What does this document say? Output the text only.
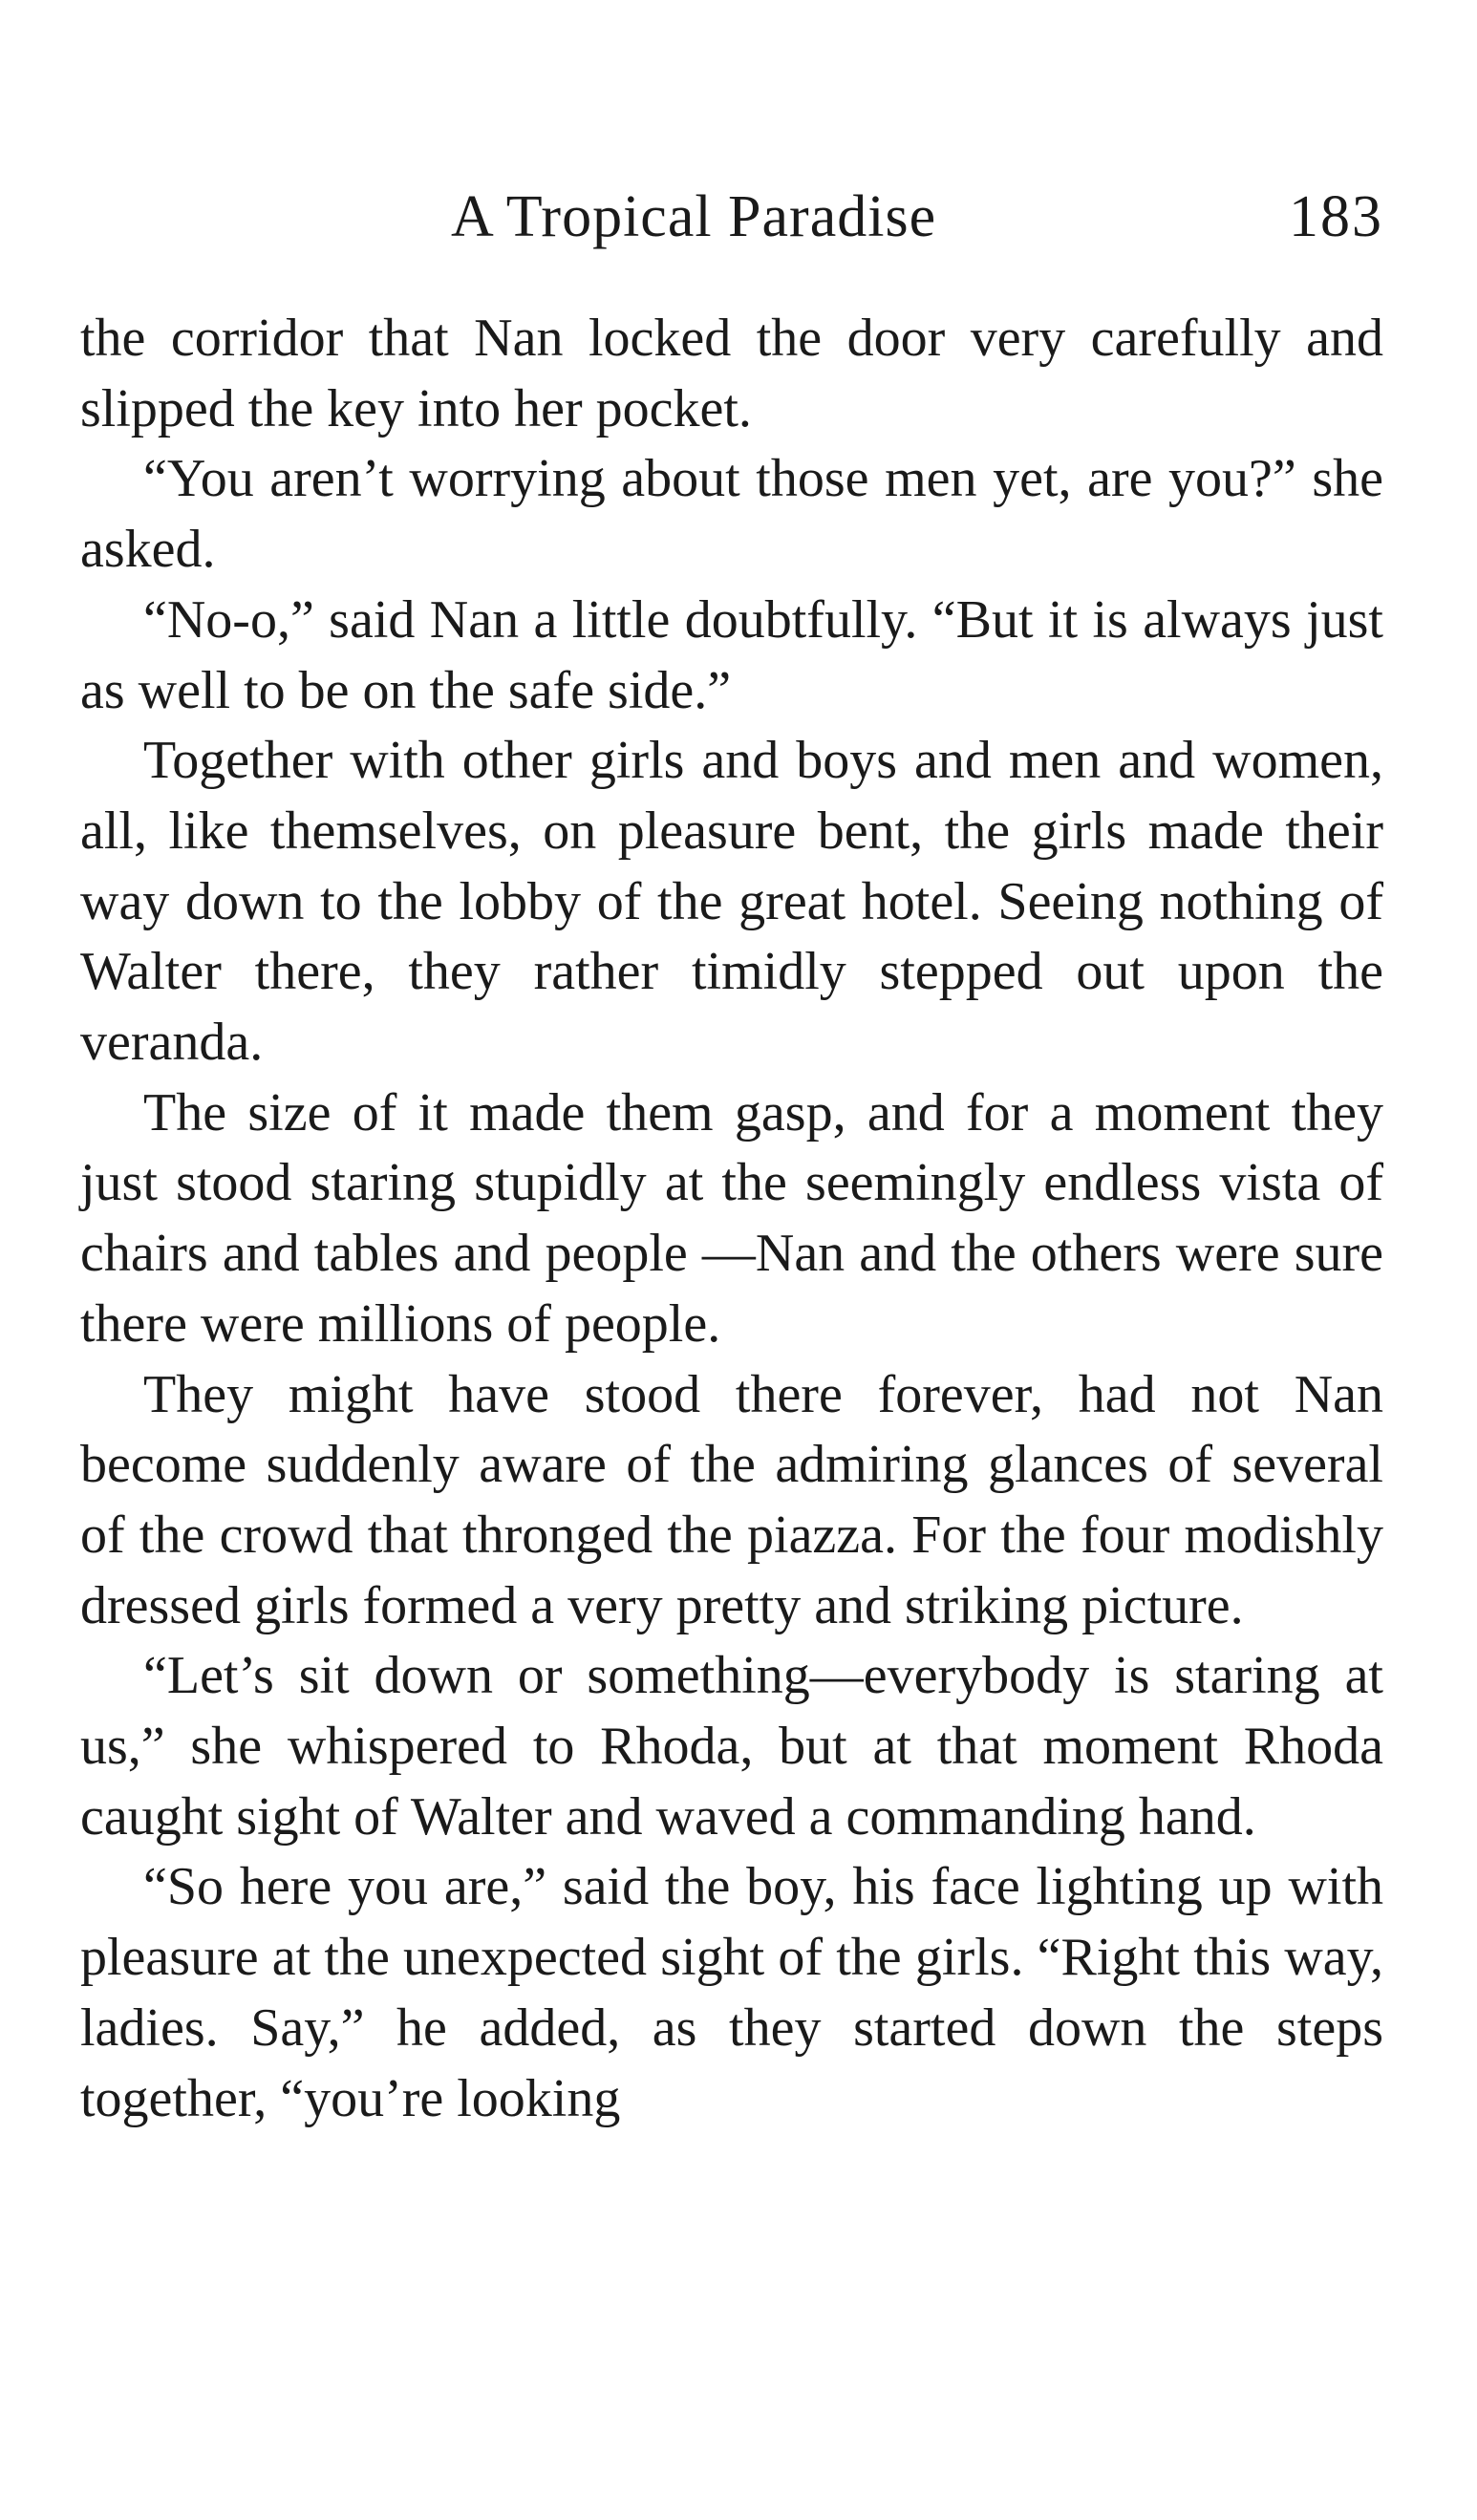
A Tropical Paradise	183

the corridor that Nan locked the door very carefully and slipped the key into her pocket.

“You aren’t worrying about those men yet, are you?” she asked.

“No-o,” said Nan a little doubtfully. “But it is always just as well to be on the safe side.”

Together with other girls and boys and men and women, all, like themselves, on pleasure bent, the girls made their way down to the lobby of the great hotel. Seeing nothing of Walter there, they rather timidly stepped out upon the veranda.

The size of it made them gasp, and for a moment they just stood staring stupidly at the seemingly endless vista of chairs and tables and people —Nan and the others were sure there were millions of people.

They might have stood there forever, had not Nan become suddenly aware of the admiring glances of several of the crowd that thronged the piazza. For the four modishly dressed girls formed a very pretty and striking picture.

“Let’s sit down or something—everybody is staring at us,” she whispered to Rhoda, but at that moment Rhoda caught sight of Walter and waved a commanding hand.

“So here you are,” said the boy, his face lighting up with pleasure at the unexpected sight of the girls. “Right this way, ladies. Say,” he added, as they started down the steps together, “you’re looking
